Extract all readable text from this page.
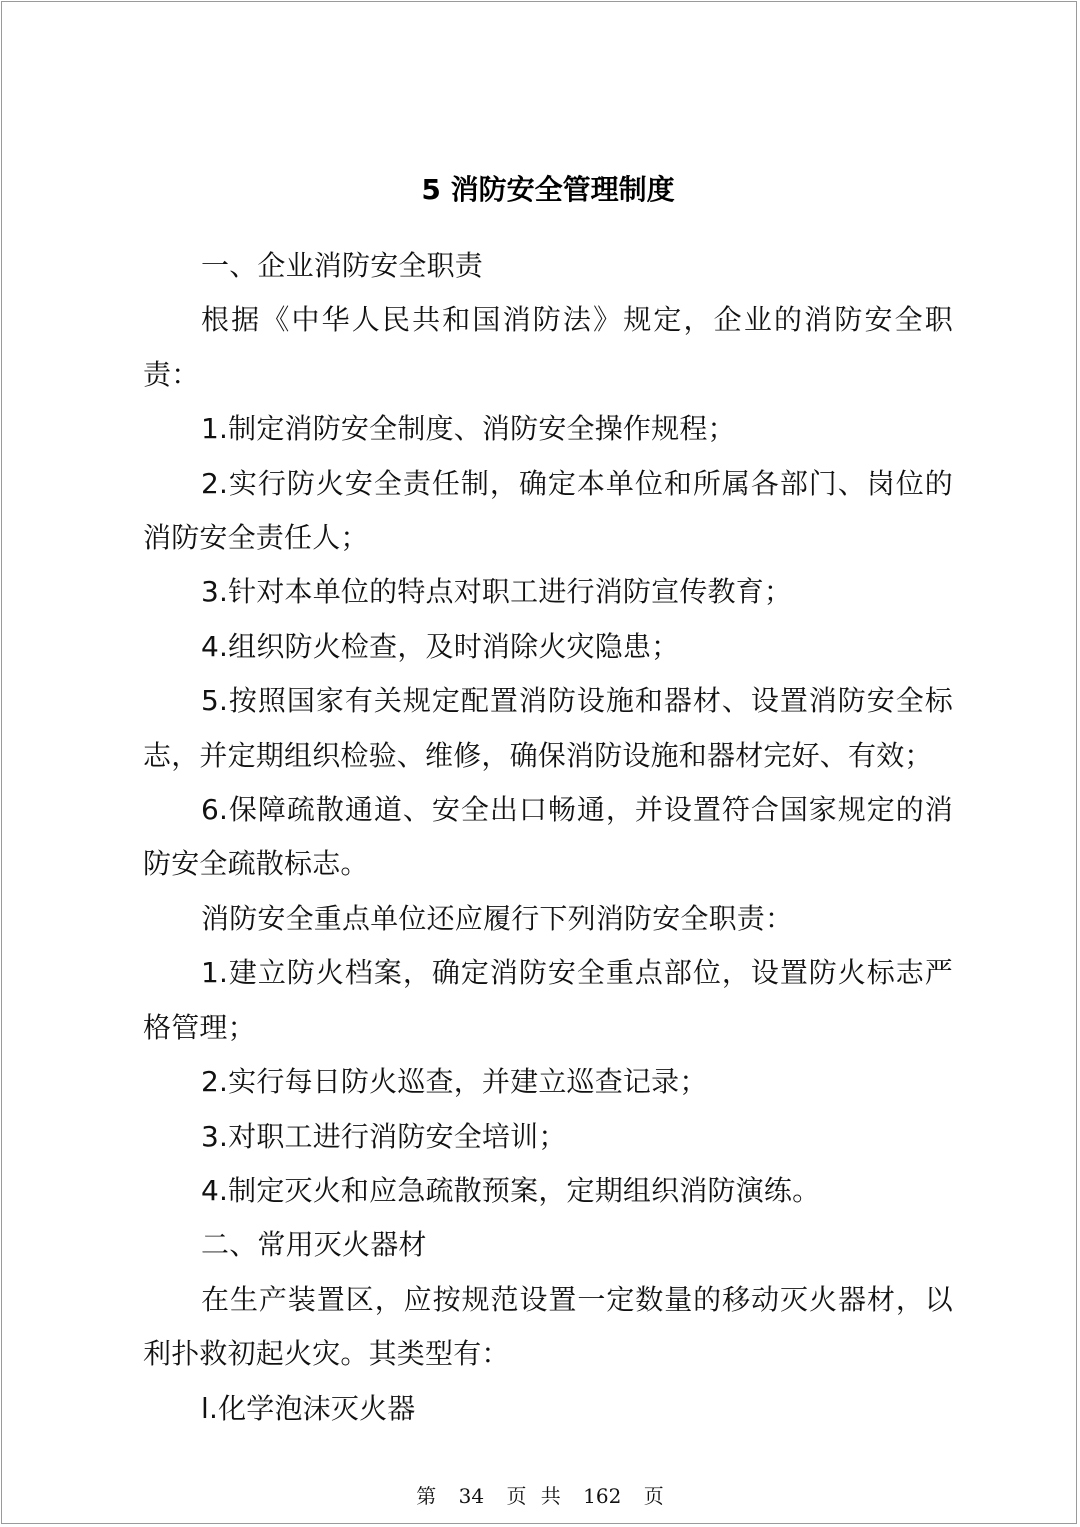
5 消防安全管理制度

一、企业消防安全职责

根据《中华人民共和国消防法》规定，企业的消防安全职责：

1.制定消防安全制度、消防安全操作规程；

2.实行防火安全责任制，确定本单位和所属各部门、岗位的消防安全责任人；

3.针对本单位的特点对职工进行消防宣传教育；

4.组织防火检查，及时消除火灾隐患；

5.按照国家有关规定配置消防设施和器材、设置消防安全标志，并定期组织检验、维修，确保消防设施和器材完好、有效；

6.保障疏散通道、安全出口畅通，并设置符合国家规定的消防安全疏散标志。

消防安全重点单位还应履行下列消防安全职责：

1.建立防火档案，确定消防安全重点部位，设置防火标志严格管理；

2.实行每日防火巡查，并建立巡查记录；

3.对职工进行消防安全培训；

4.制定灭火和应急疏散预案，定期组织消防演练。

二、常用灭火器材

在生产装置区，应按规范设置一定数量的移动灭火器材，以利扑救初起火灾。其类型有：

l.化学泡沫灭火器

第 34 页 共 162 页
